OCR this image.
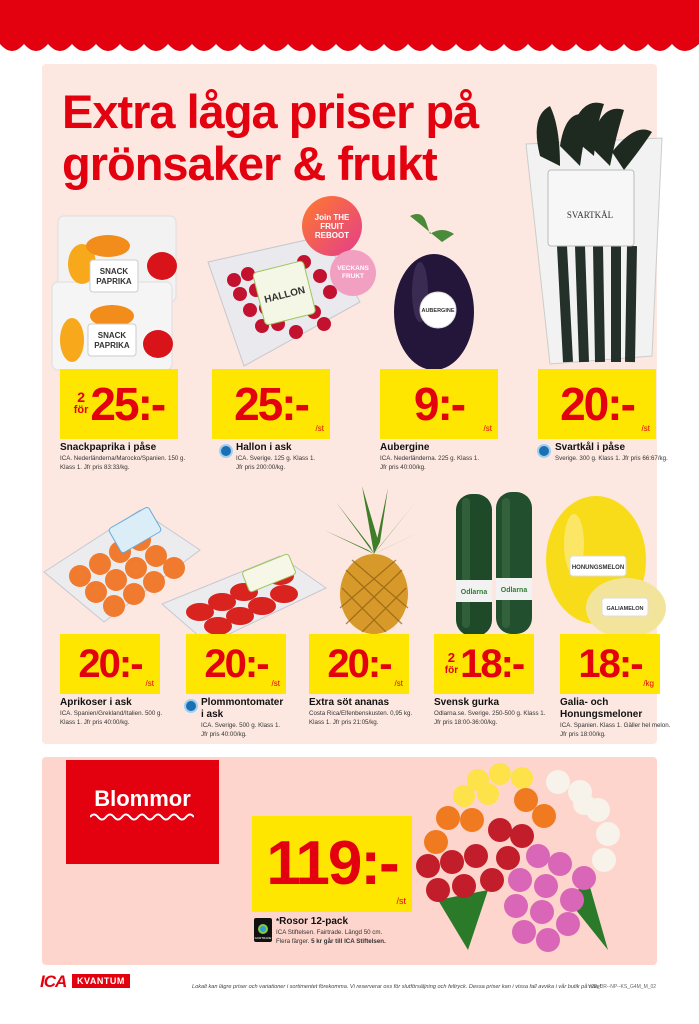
Extra låga priser på
grönsaker & frukt
SNACK
PAPRIKA
SNACK
PAPRIKA
HALLON
Join THE FRUIT REBOOT
VECKANS FRUKT
AUBERGINE
SVARTKÅL
2
för 25:- 25:- /st 9:- /st 20:- /st
Snackpaprika i påse
ICA. Nederländerna/Marocko/Spanien. 150 g.
Klass 1. Jfr pris 83:33/kg.
Hallon i ask
ICA. Sverige. 125 g. Klass 1.
Jfr pris 200:00/kg.
Aubergine
ICA. Nederländerna. 225 g. Klass 1.
Jfr pris 40:00/kg.
Svartkål i påse
Sverige. 300 g. Klass 1. Jfr pris 66:67/kg.
Odlarna Odlarna
HONUNGSMELON
GALIAMELON
20:- /st 20:- /st 20:- /st
2
för 18:- 18:- /kg
Aprikoser i ask
ICA. Spanien/Grekland/Italien. 500 g.
Klass 1. Jfr pris 40:00/kg.
Plommontomater
i ask
ICA. Sverige. 500 g. Klass 1.
Jfr pris 40:00/kg.
Extra söt ananas
Costa Rica/Elfenbenskusten. 0,95 kg.
Klass 1. Jfr pris 21:05/kg.
Svensk gurka
Odlarna.se. Sverige. 250-500 g. Klass 1.
Jfr pris 18:00-36:00/kg.
Galia- och
Honungsmeloner
ICA. Spanien. Klass 1. Gäller hel melon.
Jfr pris 18:00/kg.
Blommor
119:-
/st
FAIRTRADE
*Rosor 12-pack
ICA Stiftelsen. Fairtrade. Längd 50 cm.
Flera färger. 5 kr går till ICA Stiftelsen.
ICA	KVANTUM
Lokalt kan lägre priser och variationer i sortimentet förekomma. Vi reserverar oss för slutförsäljning och feltryck. Dessa priser kan i vissa fall avvika i vår butik på nätet.
V29_DR--NP--KS_G4M_M_02
